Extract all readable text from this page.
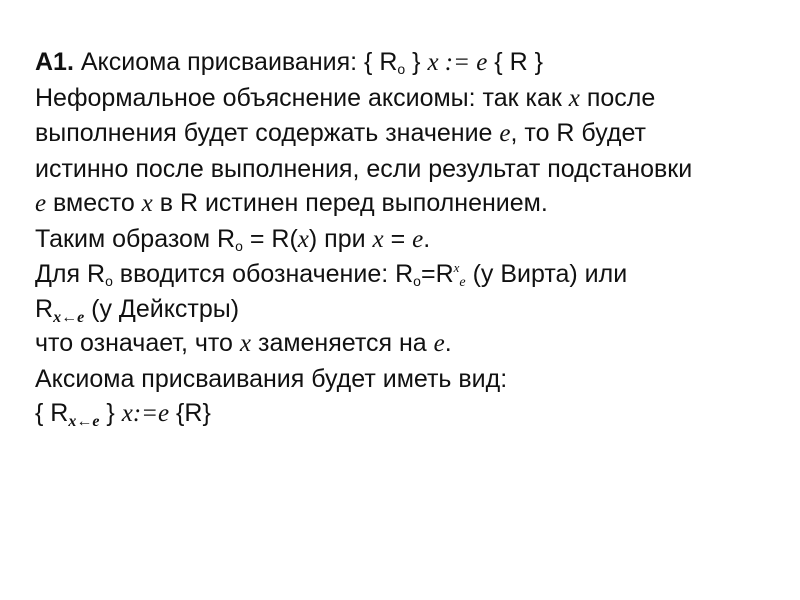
A1. Аксиома присваивания: { $R_o$ } x := e { R }
Неформальное объяснение аксиомы: так как x после
выполнения будет содержать значение e, то R будет
истинно после выполнения, если результат подстановки
e вместо x в R истинен перед выполнением.
Таким образом $R_o = R(x)$ при x = e.
Для $R_o$ вводится обозначение: $R_o=R^x_e$ (у Вирта) или
$R_{x\leftarrow e}$ (у Дейкстры)
что означает, что x заменяется на e.
Аксиома присваивания будет иметь вид:
{ $R_{x\leftarrow e}$ } x:=e {R}
